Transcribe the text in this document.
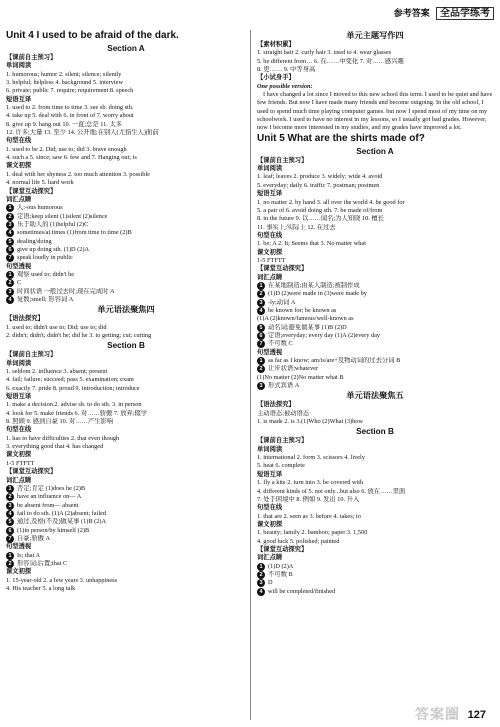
参考答案 全品学练考
Unit 4 I used to be afraid of the dark.
Section A
【课前自主预习】
单词阅读
1. humorous; humor 2. silent; silence; silently
3. helpful; helpless 4. background 5. interview
6. private; public 7. require; requirement 8. speech
短语互译
1. used to 2. from time to time 3. see sb. doing sth.
4. take up 5. deal with 6. in front of 7. worry about
8. give up 9. hang out 10. 一直;总是 11. 太多
12. 许多;大量 13. 至少 14. 公开地;在别人(尤指生人)面前
句型在线
1. used to be 2. Did; use to; did 3. brave enough
4. such a 5. since; saw 6. few and 7. Hanging out; is
课文初探
1. deal with her shyness 2. too much attention 3. possible
4. normal life 5. hard work
【课堂互动探究】
词汇点睛
1 人;-ous humorous
2 定语;keep silent (1)silent (2)silence
3 乐于助人的 (1)helpful (2)C
4 sometimes/at times (1)from time to time (2)B
5 dealing/doing
6 give up doing sth. (1)D (2)A
7 speak loudly in public
句型透视
1 观察 used to; didn't he
2 C
3 时间状语 一般过去时;现在完成时 A
4 复数;smell; 形容词 A
单元语法聚焦四
【语法探究】
1. used to; didn't use to; Did; use to; did
2. didn't; didn't; didn't he; did he 3. to getting; cut; cutting
Section B
【课前自主预习】
单词阅读
1. seldom 2. influence 3. absent; present
4. fail; failure; succeed; pass 5. examination; exam
6. exactly 7. pride 8. proud 9. introduction; introduce
短语互译
1. make a decision 2. advise sb. to do sth. 3. in person
4. look for 5. make friends 6. 对……骄傲 7. 放弃;辍学
8. 照顾 9. 感到自豪 10. 对……产生影响
句型在线
1. has to have difficulties 2. that even though
3. everything good that 4. has changed
课文初探
1-5 FTFTT
【课堂互动探究】
词汇点睛
1 否定;肯定 (1)does he (2)B
2 have an influence on— A
3 be absent from— absent
4 fail to do sth. (1)A (2)absent; failed
5 通过,及格(不及)做某事 (1)B (2)A
6 (1)in person/by himself (2)B
7 自豪;骄傲 A
句型透视
1 Is; that A
2 形容词;后置;that C
课文初探
1. 15-year-old 2. a few years 3. unhappiness
4. His teacher 5. a long talk
单元主题写作四
【素材积累】
1. straight hair 2. curly hair 3. used to 4. wear glasses
5. be different from… 6. 在……中变化 7. 对……感兴趣
8. 更…… 9. 中等身高
【小试身手】
One possible version:
I have changed a lot since I moved to this new school this term. I used to be quiet and have few friends. But now I have made many friends and become outgoing. In the old school, I used to spend much time playing computer games. but now I spend most of my time on my schoolwork. I used to have no interest in my lessons, so I usually got bad grades. However, now I become more interested in my studies, and my grades have improved a lot.
Unit 5 What are the shirts made of?
Section A
【课前自主预习】
单词阅读
1. leaf; leaves 2. produce 3. widely; wide 4. avoid
5. everyday; daily 6. traffic 7. postman; postmen
短语互译
1. no matter 2. by hand 3. all over the world 4. be good for
5. a pair of 6. avoid doing sth. 7. be made of/from
8. in the future 9. 以……闻名;为人知晓 10. 檀长
11. 事实上;实际上 12. 在过去
句型在线
1. be; A 2. It; Seems that 3. No matter what
课文初探
1-5 FTFTT
【课堂互动探究】
词汇点睛
1 在某地制造;由某人制造;被制作成
2 (1)D (2)were made in (3)were made by
3 -ly;动词 A
4 be known for; be known as
(1)A (2)known/famous/well-known as
5 动名词;避免做某事 (1)B (2)D
6 定语;everyday; every day (1)A (2)every day
7 不可数 C
句型透视
1 as far as I know; am/is/are+及物动词的过去分词 B
2 让步状语;whatever
(1)No matter (2)No matter what B
3 形式宾语 A
单元语法聚焦五
【语法探究】
主动语态;被动语态
1. is made 2. is 3.(1)Who (2)What (3)how
Section B
【课前自主预习】
单词阅读
1. international 2. form 3. scissors 4. lively
5. heat 6. complete
短语互译
1. fly a kite 2. turn into 3. be covered with
4. different kinds of 5. not only...but also 6. 放在……里面
7. 处于困境中 8. 例如 9. 发出 10. 升入
句型在线
1. that are 2. seen as 3. before 4. takes; to
课文初探
1. beauty; family 2. bamboo; paper 3. 1,500
4. good luck 5. polished; painted
【课堂互动探究】
词汇点睛
1 (1)D (2)A
2 不可数 B
3 D
4 will be completed/finished
答案圈 127
